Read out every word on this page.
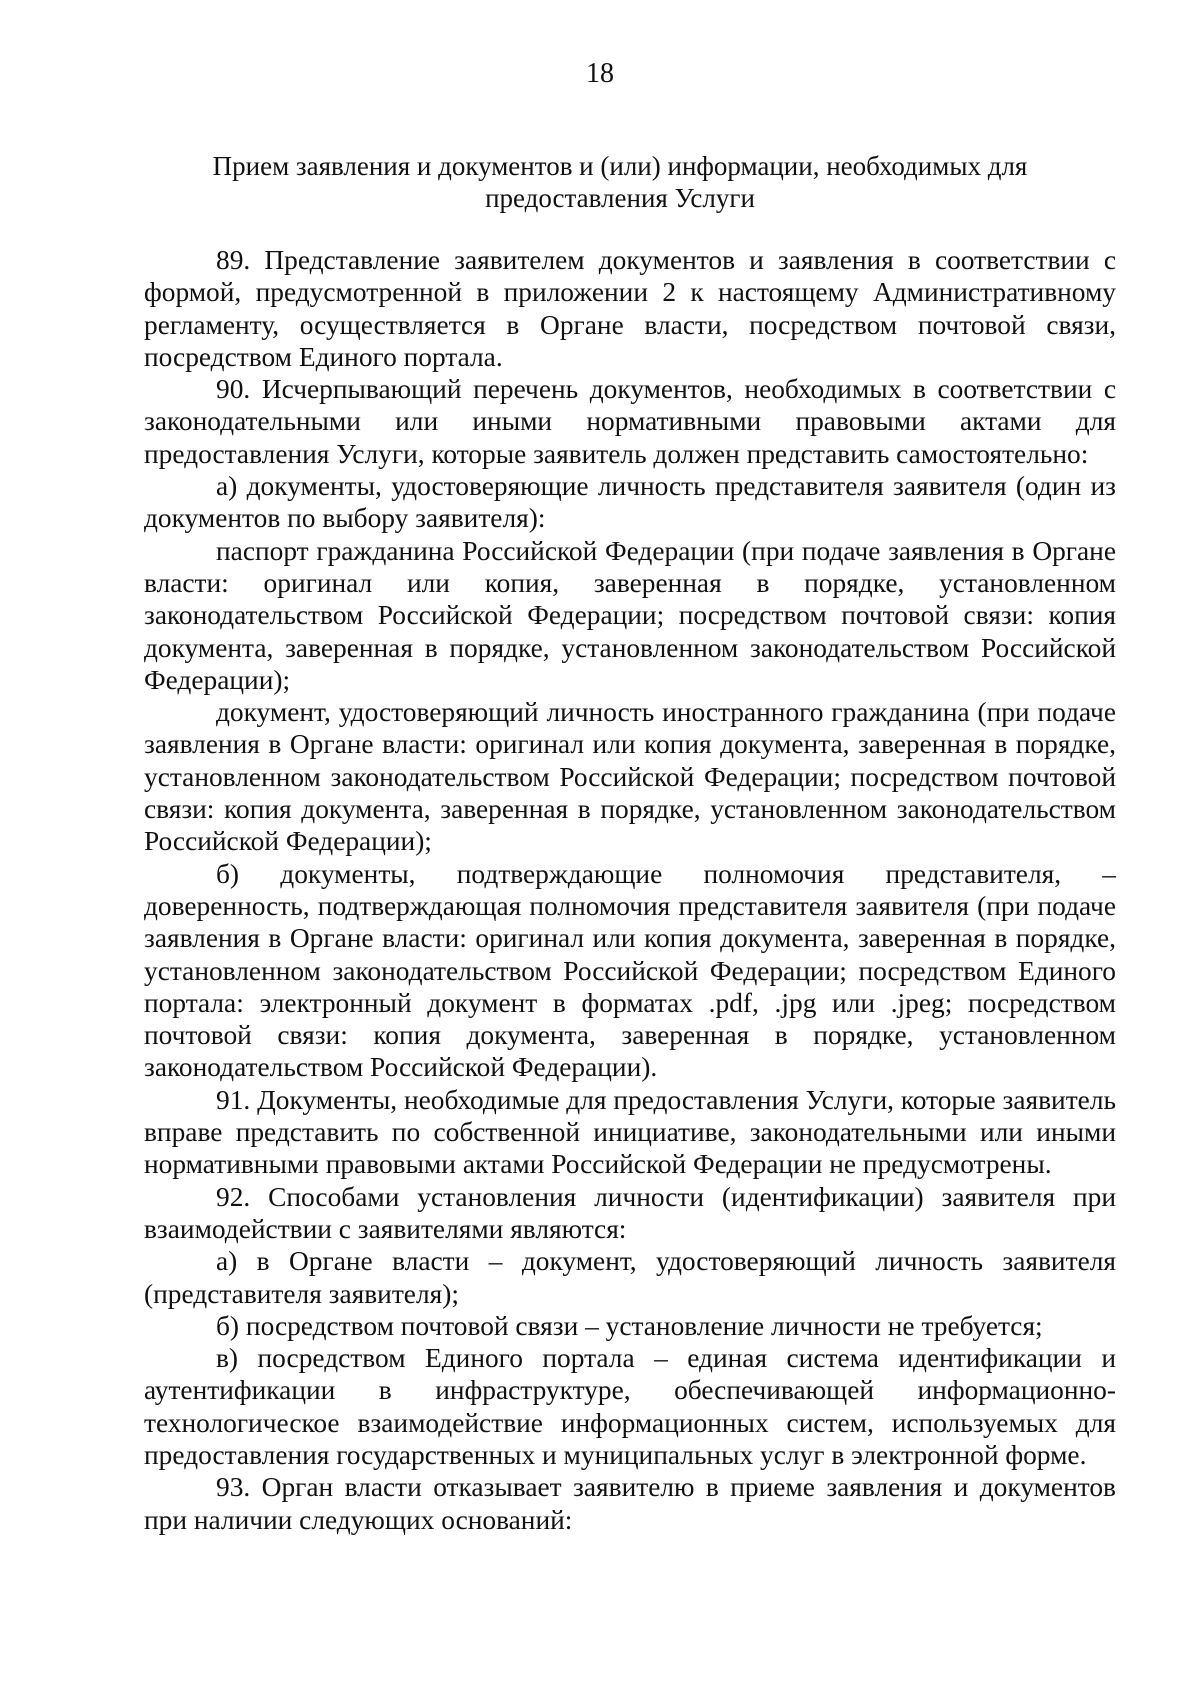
18
Прием заявления и документов и (или) информации, необходимых для
предоставления Услуги

89. Представление заявителем документов и заявления в соответствии с формой, предусмотренной в приложении 2 к настоящему Административному регламенту, осуществляется в Органе власти, посредством почтовой связи, посредством Единого портала.

90. Исчерпывающий перечень документов, необходимых в соответствии с законодательными или иными нормативными правовыми актами для предоставления Услуги, которые заявитель должен представить самостоятельно:

а) документы, удостоверяющие личность представителя заявителя (один из документов по выбору заявителя):

паспорт гражданина Российской Федерации (при подаче заявления в Органе власти: оригинал или копия, заверенная в порядке, установленном законодательством Российской Федерации; посредством почтовой связи: копия документа, заверенная в порядке, установленном законодательством Российской Федерации);

документ, удостоверяющий личность иностранного гражданина (при подаче заявления в Органе власти: оригинал или копия документа, заверенная в порядке, установленном законодательством Российской Федерации; посредством почтовой связи: копия документа, заверенная в порядке, установленном законодательством Российской Федерации);

б) документы, подтверждающие полномочия представителя, – доверенность, подтверждающая полномочия представителя заявителя (при подаче заявления в Органе власти: оригинал или копия документа, заверенная в порядке, установленном законодательством Российской Федерации; посредством Единого портала: электронный документ в форматах .pdf, .jpg или .jpeg; посредством почтовой связи: копия документа, заверенная в порядке, установленном законодательством Российской Федерации).

91. Документы, необходимые для предоставления Услуги, которые заявитель вправе представить по собственной инициативе, законодательными или иными нормативными правовыми актами Российской Федерации не предусмотрены.

92. Способами установления личности (идентификации) заявителя при взаимодействии с заявителями являются:

а) в Органе власти – документ, удостоверяющий личность заявителя (представителя заявителя);

б) посредством почтовой связи – установление личности не требуется;

в) посредством Единого портала – единая система идентификации и аутентификации в инфраструктуре, обеспечивающей информационно-технологическое взаимодействие информационных систем, используемых для предоставления государственных и муниципальных услуг в электронной форме.

93. Орган власти отказывает заявителю в приеме заявления и документов при наличии следующих оснований:
